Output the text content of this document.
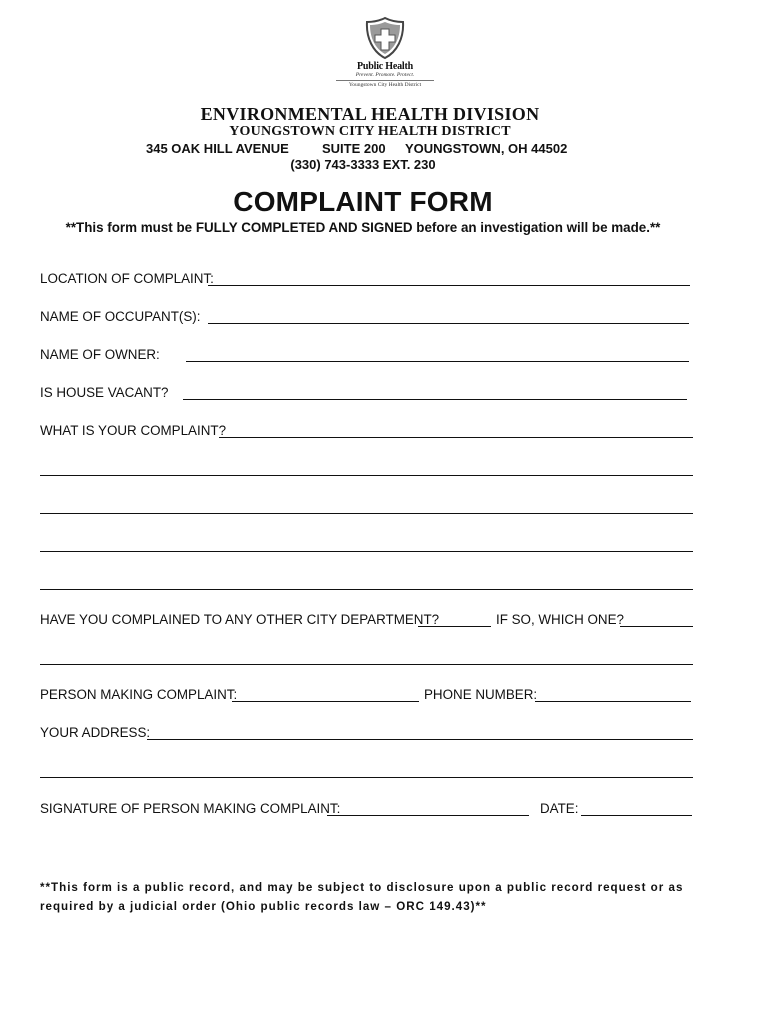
Public Health
Prevent. Promote. Protect.
Youngstown City Health District
ENVIRONMENTAL HEALTH DIVISION
YOUNGSTOWN CITY HEALTH DISTRICT
345 OAK HILL AVENUE	SUITE 200 YOUNGSTOWN, OH 44502
(330) 743-3333 EXT. 230
COMPLAINT FORM
**This form must be FULLY COMPLETED AND SIGNED before an investigation will be made.**
LOCATION OF COMPLAINT:
NAME OF OCCUPANT(S):
NAME OF OWNER:
IS HOUSE VACANT?
WHAT IS YOUR COMPLAINT?
HAVE YOU COMPLAINED TO ANY OTHER CITY DEPARTMENT?	IF SO, WHICH ONE?
PERSON MAKING COMPLAINT:	PHONE NUMBER:
YOUR ADDRESS:
SIGNATURE OF PERSON MAKING COMPLAINT:	DATE:
**This form is a public record, and may be subject to disclosure upon a public record request or as required by a judicial order (Ohio public records law – ORC 149.43)**
